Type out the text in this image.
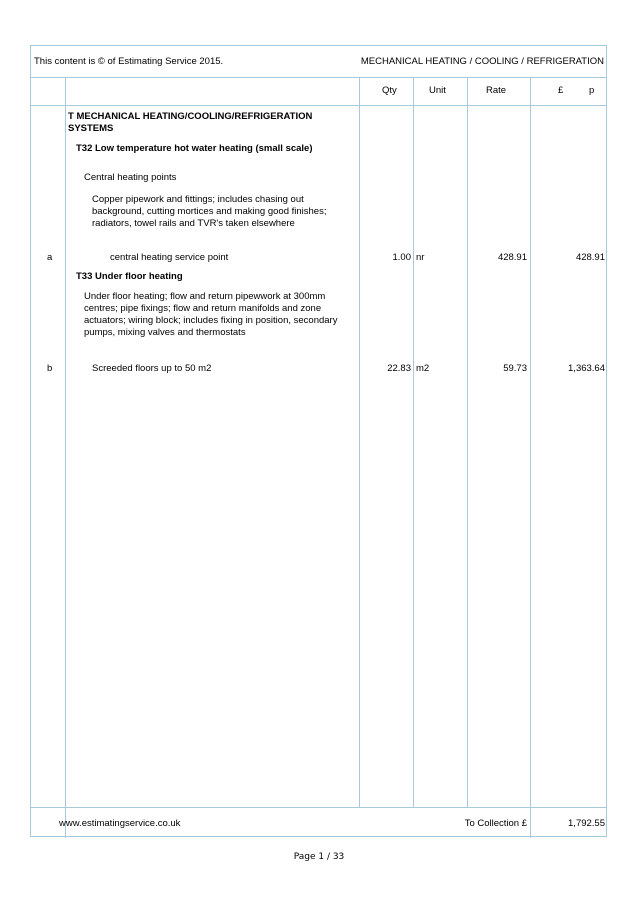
This content is © of Estimating Service 2015.	MECHANICAL HEATING / COOLING / REFRIGERATION
Qty	Unit	Rate	£	p
T MECHANICAL HEATING/COOLING/REFRIGERATION SYSTEMS
T32 Low temperature hot water heating (small scale)
Central heating points
Copper pipework and fittings; includes chasing out background, cutting mortices and making good finishes; radiators, towel rails and TVR's taken elsewhere
a	central heating service point	1.00 nr	428.91	428.91
T33 Under floor heating
Under floor heating; flow and return pipewwork at 300mm centres; pipe fixings; flow and return manifolds and zone actuators; wiring block; includes fixing in position, secondary pumps, mixing valves and thermostats
b	Screeded floors up to 50 m2	22.83 m2	59.73	1,363.64
www.estimatingservice.co.uk	To Collection £	1,792.55
Page 1 / 33
